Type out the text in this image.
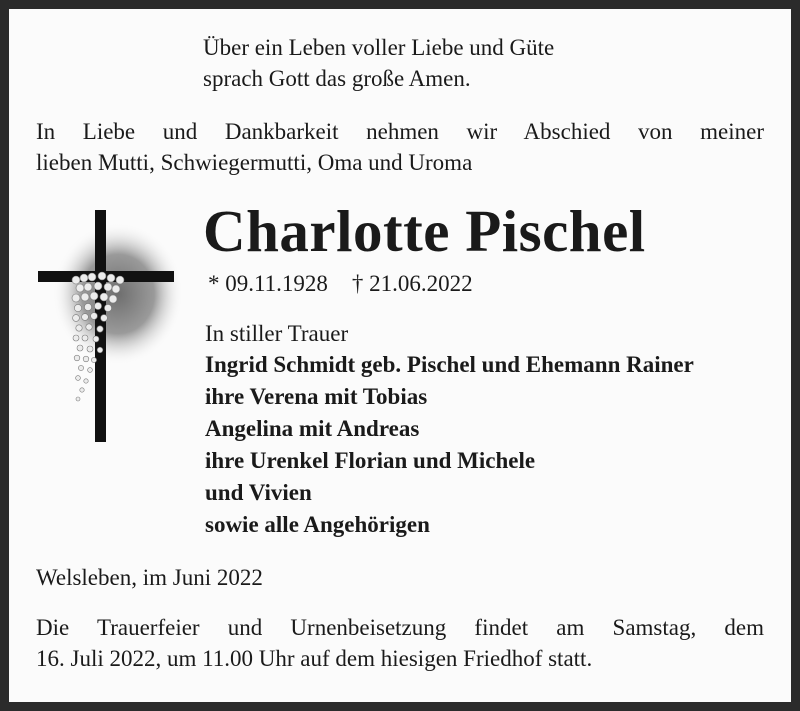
Über ein Leben voller Liebe und Güte
sprach Gott das große Amen.
In Liebe und Dankbarkeit nehmen wir Abschied von meiner
lieben Mutti, Schwiegermutti, Oma und Uroma
Charlotte Pischel
* 09.11.1928 † 21.06.2022
In stiller Trauer
Ingrid Schmidt geb. Pischel und Ehemann Rainer
ihre Verena mit Tobias
Angelina mit Andreas
ihre Urenkel Florian und Michele
und Vivien
sowie alle Angehörigen
Welsleben, im Juni 2022
Die Trauerfeier und Urnenbeisetzung findet am Samstag, dem
16. Juli 2022, um 11.00 Uhr auf dem hiesigen Friedhof statt.
